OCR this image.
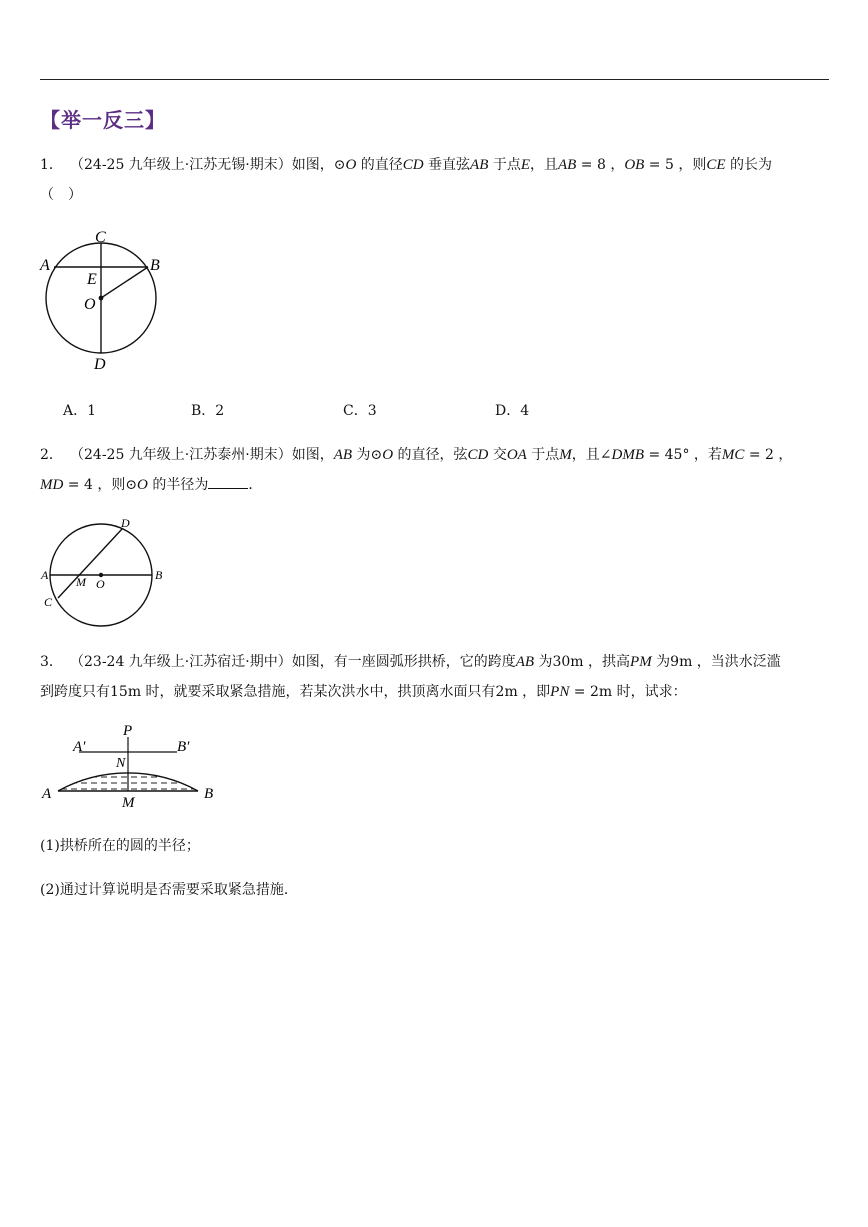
【举一反三】
1． （24-25 九年级上·江苏无锡·期末）如图，⊙O 的直径CD 垂直弦AB 于点E，且AB = 8 ，OB = 5 ，则CE 的长为
（　）
C
A	B
E
O
D
A．1	B．2	C．3	D．4
2． （24-25 九年级上·江苏泰州·期末）如图，AB 为⊙O 的直径，弦CD 交OA 于点M，且∠DMB = 45° ，若MC = 2 ，
MD = 4 ，则⊙O 的半径为	．
D
A	B
M O
C
3． （23-24 九年级上·江苏宿迁·期中）如图，有一座圆弧形拱桥，它的跨度AB 为30m ，拱高PM 为9m ，当洪水泛滥
到跨度只有15m 时，就要采取紧急措施，若某次洪水中，拱顶离水面只有2m ，即PN = 2m 时，试求：
P
A′	B′
N
A
M
B
(1)拱桥所在的圆的半径；
(2)通过计算说明是否需要采取紧急措施．
